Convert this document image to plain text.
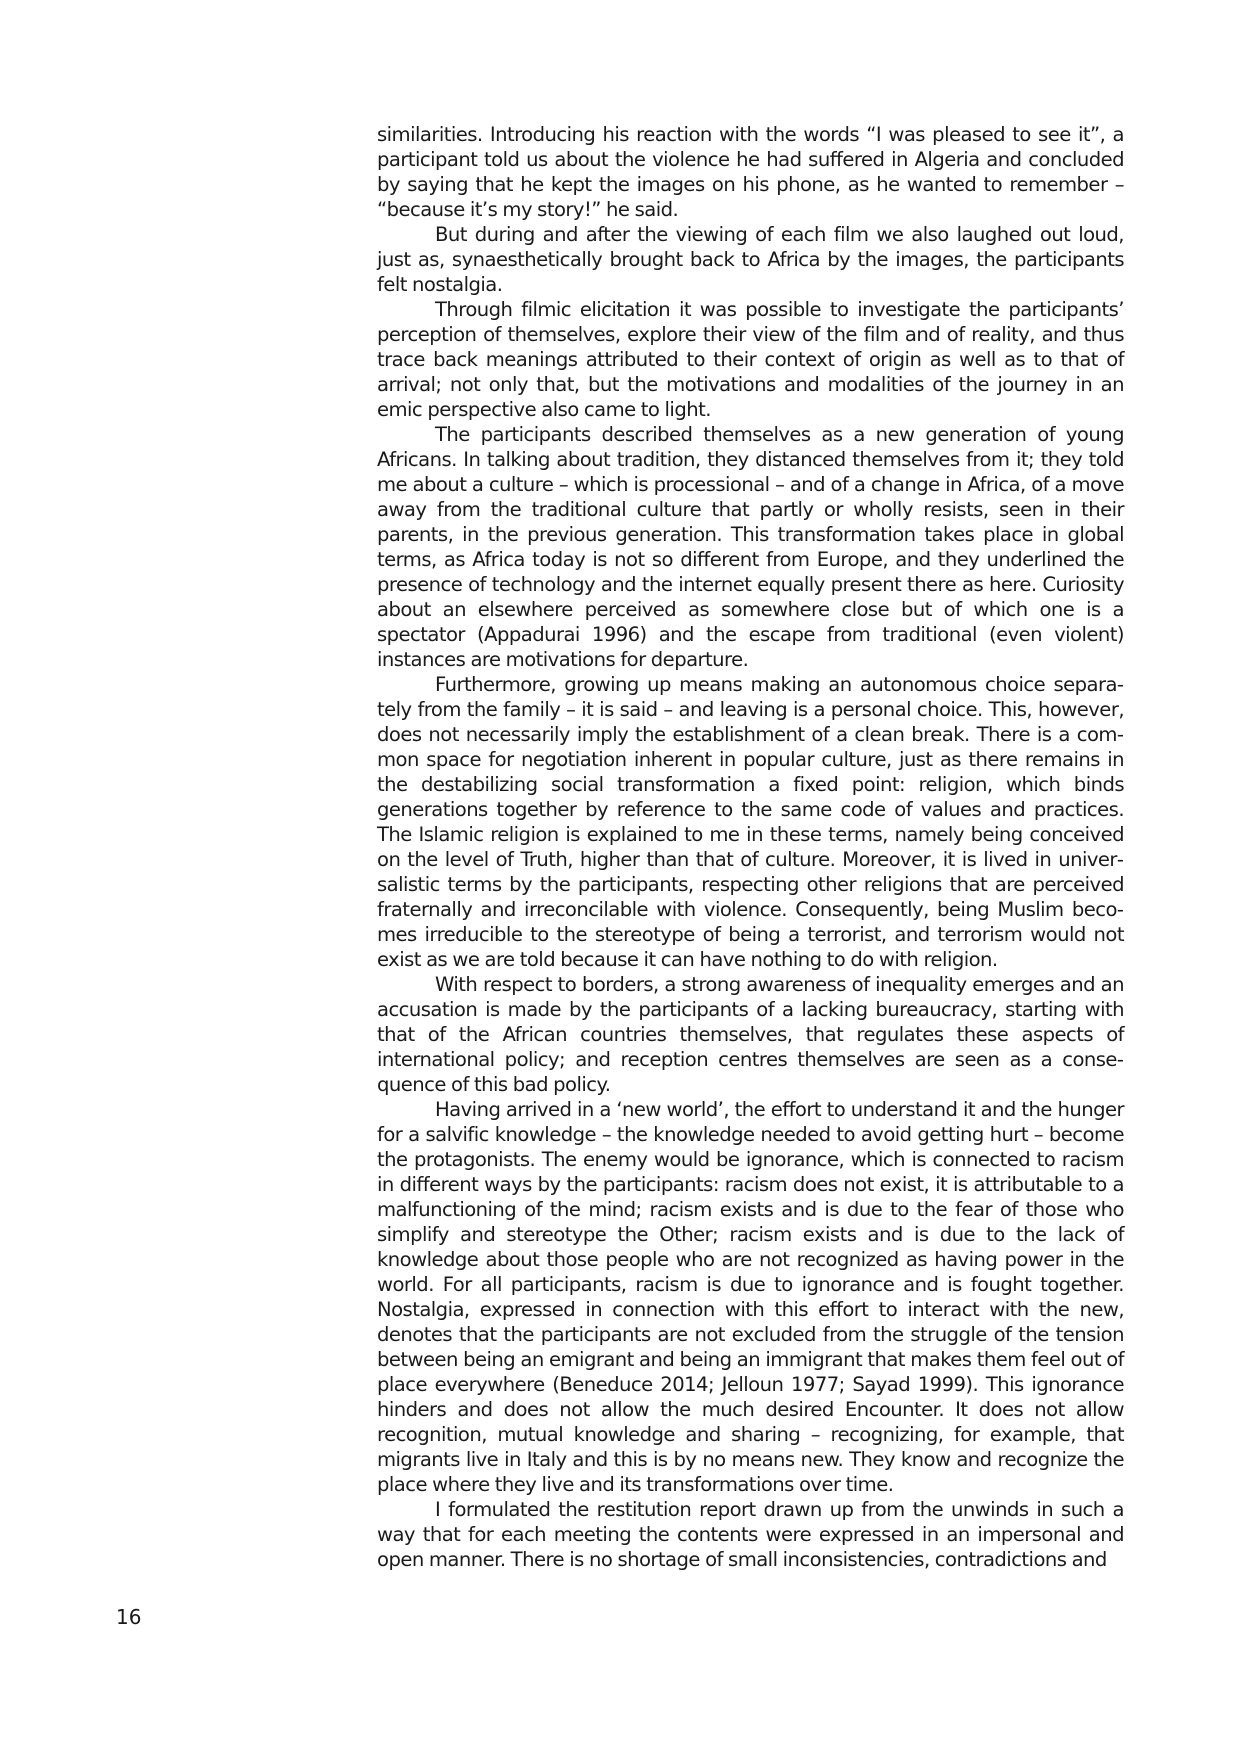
similarities. Introducing his reaction with the words “I was pleased to see it”, a participant told us about the violence he had suffered in Algeria and concluded by saying that he kept the images on his phone, as he wanted to remember – “because it’s my story!” he said.

But during and after the viewing of each film we also laughed out loud, just as, synaesthetically brought back to Africa by the images, the participants felt nostalgia.

Through filmic elicitation it was possible to investigate the participants’ perception of themselves, explore their view of the film and of reality, and thus trace back meanings attributed to their context of origin as well as to that of arrival; not only that, but the motivations and modalities of the journey in an emic perspective also came to light.

The participants described themselves as a new generation of young Africans. In talking about tradition, they distanced themselves from it; they told me about a culture – which is processional – and of a change in Africa, of a move away from the traditional culture that partly or wholly resists, seen in their parents, in the previous generation. This transformation takes place in global terms, as Africa today is not so different from Europe, and they underlined the presence of technology and the internet equally present there as here. Curiosity about an elsewhere perceived as somewhere close but of which one is a spectator (Appadurai 1996) and the escape from traditional (even violent) instances are motivations for departure.

Furthermore, growing up means making an autonomous choice separately from the family – it is said – and leaving is a personal choice. This, however, does not necessarily imply the establishment of a clean break. There is a common space for negotiation inherent in popular culture, just as there remains in the destabilizing social transformation a fixed point: religion, which binds generations together by reference to the same code of values and practices. The Islamic religion is explained to me in these terms, namely being conceived on the level of Truth, higher than that of culture. Moreover, it is lived in universalistic terms by the participants, respecting other religions that are perceived fraternally and irreconcilable with violence. Consequently, being Muslim becomes irreducible to the stereotype of being a terrorist, and terrorism would not exist as we are told because it can have nothing to do with religion.

With respect to borders, a strong awareness of inequality emerges and an accusation is made by the participants of a lacking bureaucracy, starting with that of the African countries themselves, that regulates these aspects of international policy; and reception centres themselves are seen as a consequence of this bad policy.

Having arrived in a ‘new world’, the effort to understand it and the hunger for a salvific knowledge – the knowledge needed to avoid getting hurt – become the protagonists. The enemy would be ignorance, which is connected to racism in different ways by the participants: racism does not exist, it is attributable to a malfunctioning of the mind; racism exists and is due to the fear of those who simplify and stereotype the Other; racism exists and is due to the lack of knowledge about those people who are not recognized as having power in the world. For all participants, racism is due to ignorance and is fought together. Nostalgia, expressed in connection with this effort to interact with the new, denotes that the participants are not excluded from the struggle of the tension between being an emigrant and being an immigrant that makes them feel out of place everywhere (Beneduce 2014; Jelloun 1977; Sayad 1999). This ignorance hinders and does not allow the much desired Encounter. It does not allow recognition, mutual knowledge and sharing – recognizing, for example, that migrants live in Italy and this is by no means new. They know and recognize the place where they live and its transformations over time.

I formulated the restitution report drawn up from the unwinds in such a way that for each meeting the contents were expressed in an impersonal and open manner. There is no shortage of small inconsistencies, contradictions and

16
